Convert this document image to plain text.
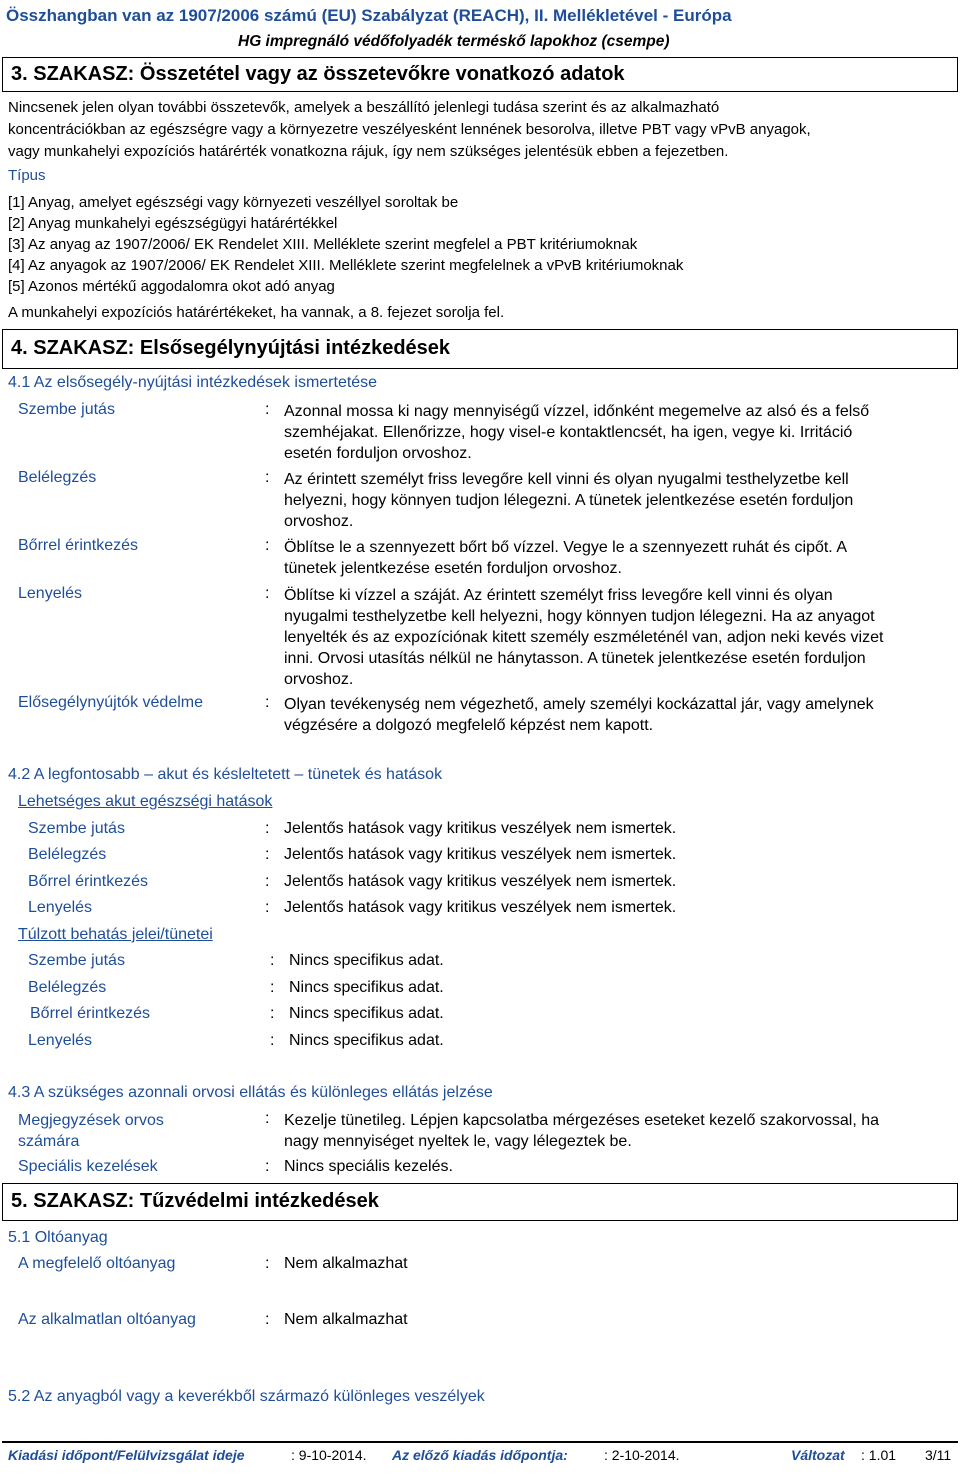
Összhangban van az 1907/2006 számú (EU) Szabályzat (REACH), II. Mellékletével - Európa
HG impregnáló védőfolyadék terméskő lapokhoz (csempe)
3. SZAKASZ: Összetétel vagy az összetevőkre vonatkozó adatok
Nincsenek jelen olyan további összetevők, amelyek a beszállító jelenlegi tudása szerint és az alkalmazható
koncentrációkban az egészségre vagy a környezetre veszélyesként lennének besorolva, illetve PBT vagy vPvB anyagok,
vagy munkahelyi expozíciós határérték vonatkozna rájuk, így nem szükséges jelentésük ebben a fejezetben.
Típus
[1] Anyag, amelyet egészségi vagy környezeti veszéllyel soroltak be
[2] Anyag munkahelyi egészségügyi határértékkel
[3] Az anyag az 1907/2006/ EK Rendelet XIII. Melléklete szerint megfelel a PBT kritériumoknak
[4] Az anyagok az 1907/2006/ EK Rendelet XIII. Melléklete szerint megfelelnek a vPvB kritériumoknak
[5] Azonos mértékű aggodalomra okot adó anyag
A munkahelyi expozíciós határértékeket, ha vannak, a 8. fejezet sorolja fel.
4. SZAKASZ: Elsősegélynyújtási intézkedések
4.1 Az elsősegély-nyújtási intézkedések ismertetése
Szembe jutás	: Azonnal mossa ki nagy mennyiségű vízzel, időnként megemelve az alsó és a felső
szemhéjakat. Ellenőrizze, hogy visel-e kontaktlencsét, ha igen, vegye ki. Irritáció
esetén forduljon orvoshoz.
Belélegzés	: Az érintett személyt friss levegőre kell vinni és olyan nyugalmi testhelyzetbe kell
helyezni, hogy könnyen tudjon lélegezni. A tünetek jelentkezése esetén forduljon
orvoshoz.
Bőrrel érintkezés	: Öblítse le a szennyezett bőrt bő vízzel. Vegye le a szennyezett ruhát és cipőt. A
tünetek jelentkezése esetén forduljon orvoshoz.
Lenyelés	: Öblítse ki vízzel a száját. Az érintett személyt friss levegőre kell vinni és olyan
nyugalmi testhelyzetbe kell helyezni, hogy könnyen tudjon lélegezni. Ha az anyagot
lenyelték és az expozíciónak kitett személy eszméleténél van, adjon neki kevés vizet
inni. Orvosi utasítás nélkül ne hánytasson. A tünetek jelentkezése esetén forduljon
orvoshoz.
Elősegélynyújtók védelme	: Olyan tevékenység nem végezhető, amely személyi kockázattal jár, vagy amelynek
végzésére a dolgozó megfelelő képzést nem kapott.
4.2 A legfontosabb – akut és késleltetett – tünetek és hatások
Lehetséges akut egészségi hatások
Szembe jutás	: Jelentős hatások vagy kritikus veszélyek nem ismertek.
Belélegzés	: Jelentős hatások vagy kritikus veszélyek nem ismertek.
Bőrrel érintkezés	: Jelentős hatások vagy kritikus veszélyek nem ismertek.
Lenyelés	: Jelentős hatások vagy kritikus veszélyek nem ismertek.
Túlzott behatás jelei/tünetei
Szembe jutás	: Nincs specifikus adat.
Belélegzés	: Nincs specifikus adat.
Bőrrel érintkezés	: Nincs specifikus adat.
Lenyelés	: Nincs specifikus adat.
4.3 A szükséges azonnali orvosi ellátás és különleges ellátás jelzése
Megjegyzések orvos
számára
: Kezelje tünetileg. Lépjen kapcsolatba mérgezéses eseteket kezelő szakorvossal, ha
nagy mennyiséget nyeltek le, vagy lélegeztek be.
Speciális kezelések	: Nincs speciális kezelés.
5. SZAKASZ: Tűzvédelmi intézkedések
5.1 Oltóanyag
A megfelelő oltóanyag	: Nem alkalmazhat
Az alkalmatlan oltóanyag	: Nem alkalmazhat
5.2 Az anyagból vagy a keverékből származó különleges veszélyek
Kiadási időpont/Felülvizsgálat ideje	: 9-10-2014. Az előző kiadás időpontja:	: 2-10-2014.	Változat : 1.01 3/11
